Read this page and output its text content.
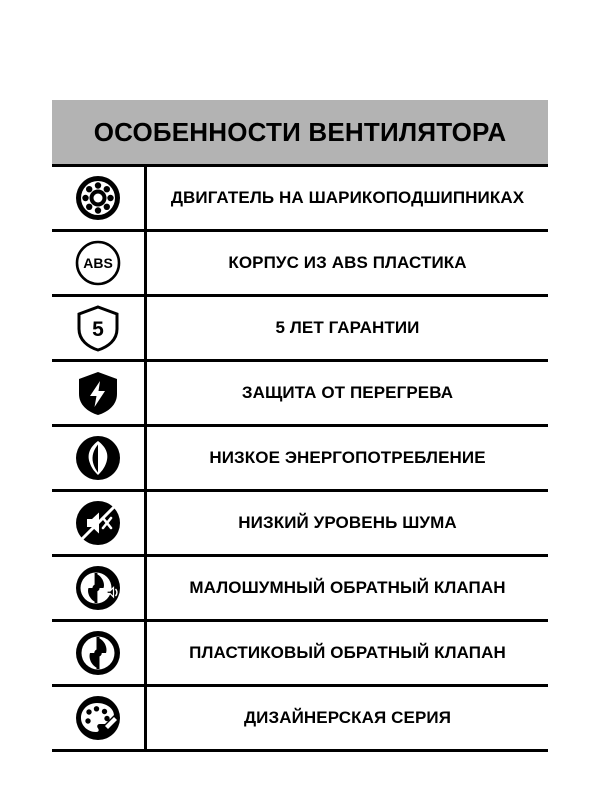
ОСОБЕННОСТИ ВЕНТИЛЯТОРА
ДВИГАТЕЛЬ НА ШАРИКОПОДШИПНИКАХ
ABS	КОРПУС ИЗ ABS ПЛАСТИКА
5	5 ЛЕТ ГАРАНТИИ
ЗАЩИТА ОТ ПЕРЕГРЕВА
НИЗКОЕ ЭНЕРГОПОТРЕБЛЕНИЕ
НИЗКИЙ УРОВЕНЬ ШУМА
МАЛОШУМНЫЙ ОБРАТНЫЙ КЛАПАН
ПЛАСТИКОВЫЙ ОБРАТНЫЙ КЛАПАН
ДИЗАЙНЕРСКАЯ СЕРИЯ
